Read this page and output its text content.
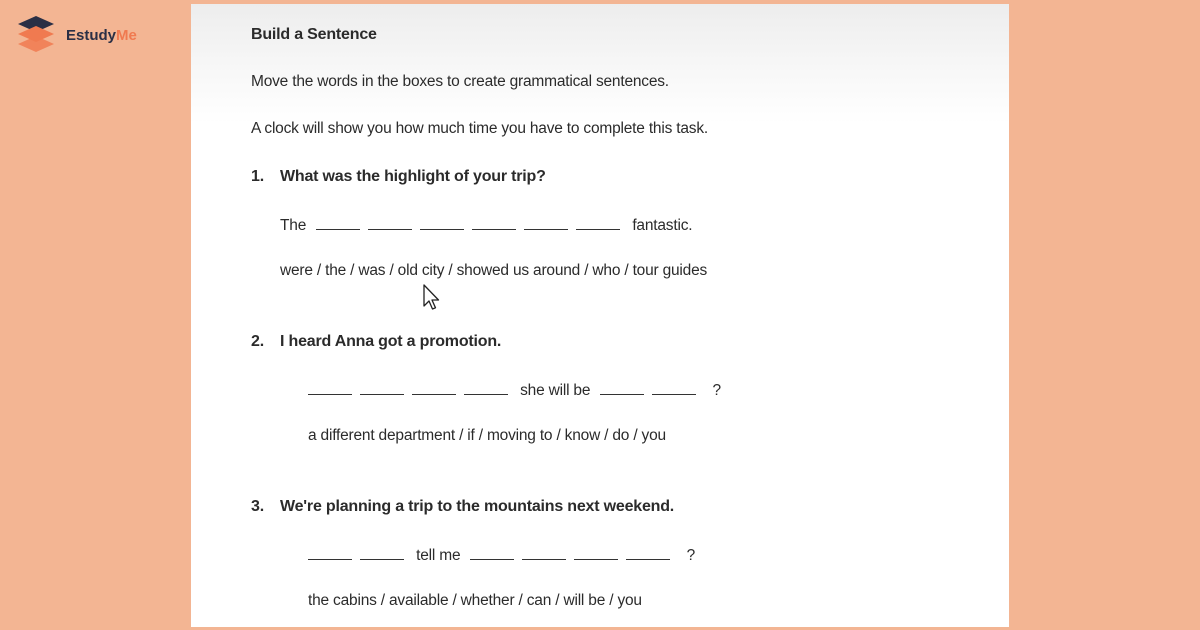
EstudyMe	Build a Sentence
Move the words in the boxes to create grammatical sentences.
A clock will show you how much time you have to complete this task.
1. What was the highlight of your trip?
The	fantastic.
were / the / was / old city / showed us around / who / tour guides
2. I heard Anna got a promotion.
she will be	?
a different department / if / moving to / know / do / you
3. We're planning a trip to the mountains next weekend.
tell me	?
the cabins / available / whether / can / will be / you
